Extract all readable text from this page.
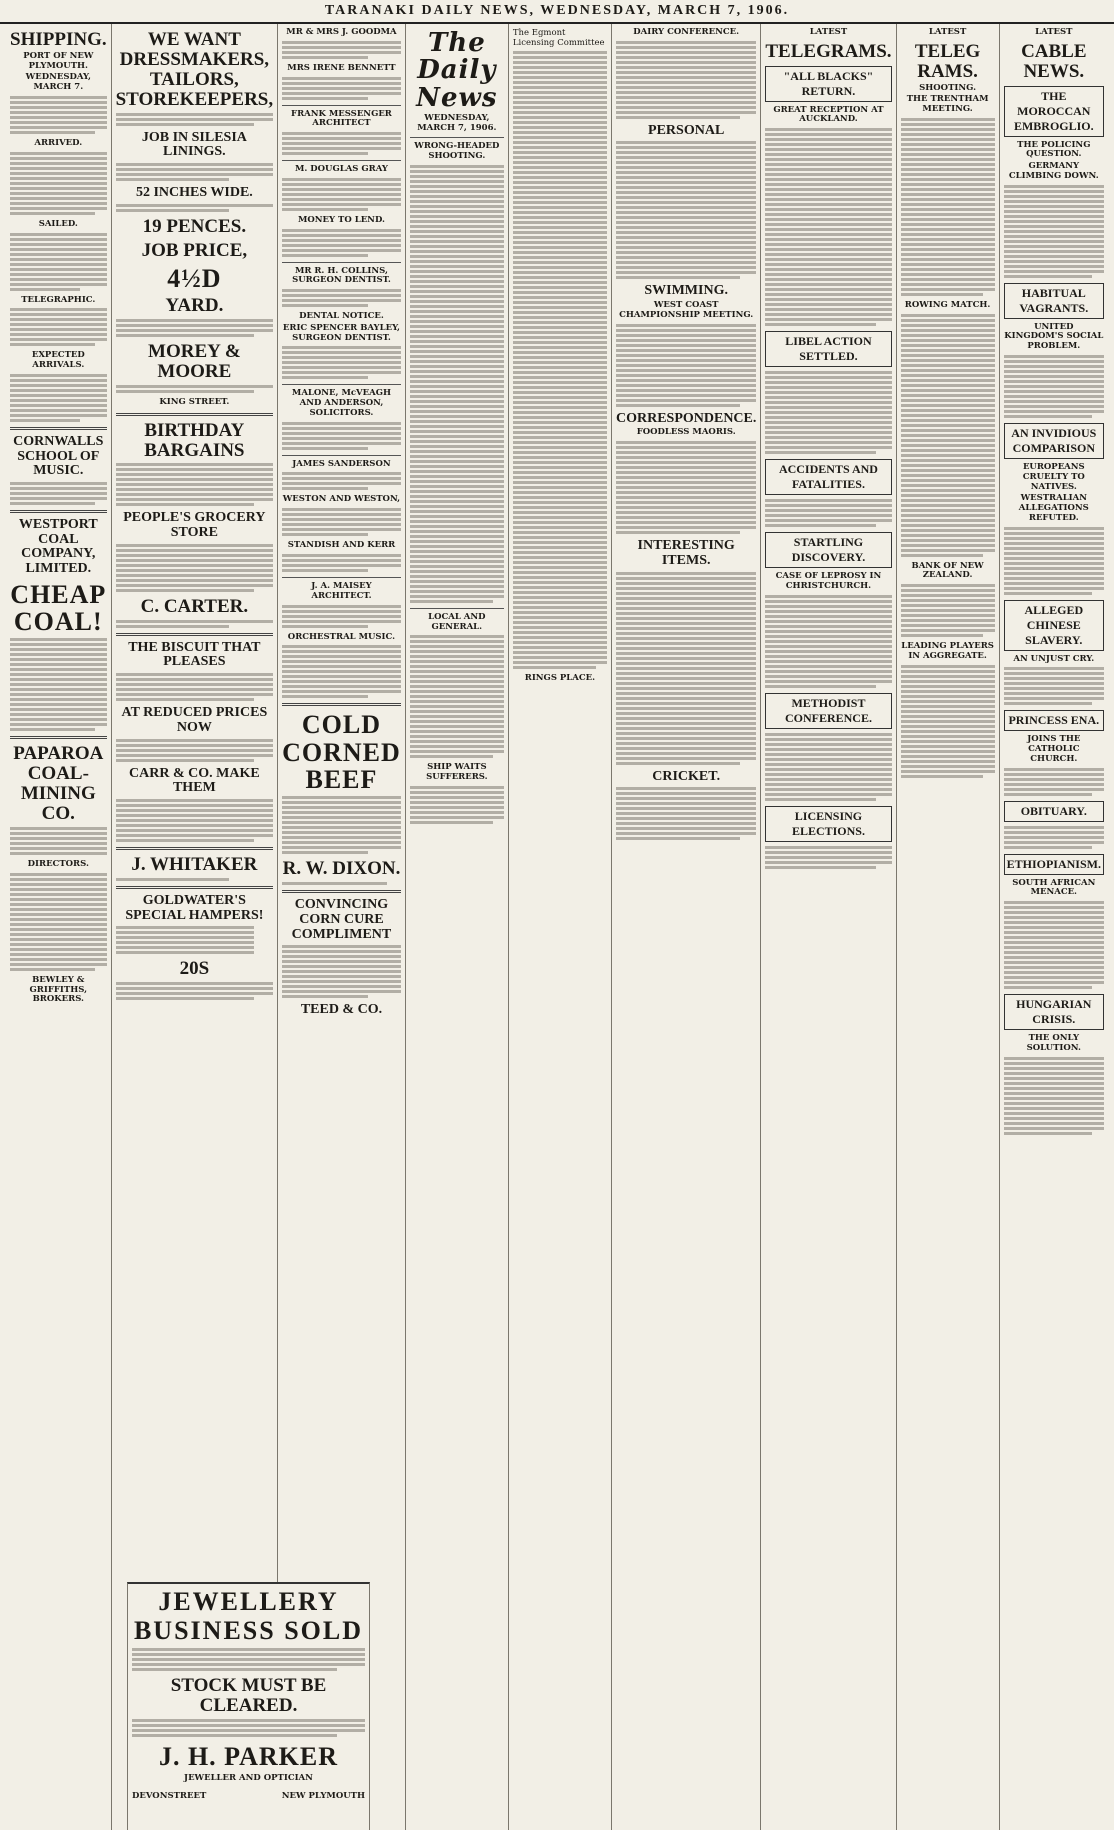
TARANAKI DAILY NEWS, WEDNESDAY, MARCH 7, 1906.
SHIPPING.
PORT OF NEW PLYMOUTH.
WEDNESDAY, MARCH 7.
ARRIVED.
SAILED.
TELEGRAPHIC.
EXPECTED ARRIVALS.
CORNWALLS SCHOOL OF MUSIC.
WESTPORT COAL COMPANY, LIMITED.
CHEAP COAL!
PAPAROA COAL-MINING CO.
DIRECTORS.
BEWLEY & GRIFFITHS, BROKERS.
WE WANT DRESSMAKERS, TAILORS, STOREKEEPERS,
JOB IN SILESIA LININGS.
52 INCHES WIDE.
19 PENCES.
JOB PRICE,
4½D
YARD.
MOREY & MOORE
KING STREET.
BIRTHDAY BARGAINS
PEOPLE'S GROCERY STORE
C. CARTER.
THE BISCUIT THAT PLEASES
AT REDUCED PRICES NOW
CARR & CO. MAKE THEM
J. WHITAKER
GOLDWATER'S SPECIAL HAMPERS!
20S
MR & MRS J. GOODMA
MRS IRENE BENNETT
FRANK MESSENGER ARCHITECT
M. DOUGLAS GRAY
MONEY TO LEND.
MR R. H. COLLINS, SURGEON DENTIST.
DENTAL NOTICE.
ERIC SPENCER BAYLEY, SURGEON DENTIST.
MALONE, McVEAGH AND ANDERSON, SOLICITORS.
JAMES SANDERSON
WESTON AND WESTON,
STANDISH AND KERR
J. A. MAISEY ARCHITECT.
ORCHESTRAL MUSIC.
COLD CORNED BEEF
R. W. DIXON.
CONVINCING CORN CURE COMPLIMENT
TEED & CO.
The Daily News
WEDNESDAY, MARCH 7, 1906.
WRONG-HEADED SHOOTING.
LOCAL AND GENERAL.
SHIP WAITS SUFFERERS.
The Egmont Licensing Committee
RINGS PLACE.
DAIRY CONFERENCE.
PERSONAL
SWIMMING.
WEST COAST CHAMPIONSHIP MEETING.
CORRESPONDENCE.
FOODLESS MAORIS.
INTERESTING ITEMS.
CRICKET.
LATEST
TELEGRAMS.
"ALL BLACKS" RETURN.
GREAT RECEPTION AT AUCKLAND.
LIBEL ACTION SETTLED.
ACCIDENTS AND FATALITIES.
STARTLING DISCOVERY.
CASE OF LEPROSY IN CHRISTCHURCH.
METHODIST CONFERENCE.
LICENSING ELECTIONS.
LATEST
TELEG RAMS.
SHOOTING.
THE TRENTHAM MEETING.
ROWING MATCH.
BANK OF NEW ZEALAND.
LEADING PLAYERS IN AGGREGATE.
LATEST
CABLE NEWS.
THE MOROCCAN EMBROGLIO.
THE POLICING QUESTION.
GERMANY CLIMBING DOWN.
HABITUAL VAGRANTS.
UNITED KINGDOM'S SOCIAL PROBLEM.
AN INVIDIOUS COMPARISON
EUROPEANS CRUELTY TO NATIVES.
WESTRALIAN ALLEGATIONS REFUTED.
ALLEGED CHINESE SLAVERY.
AN UNJUST CRY.
PRINCESS ENA.
JOINS THE CATHOLIC CHURCH.
OBITUARY.
ETHIOPIANISM.
SOUTH AFRICAN MENACE.
HUNGARIAN CRISIS.
THE ONLY SOLUTION.
JEWELLERY BUSINESS SOLD
STOCK MUST BE CLEARED.
J. H. PARKER
JEWELLER AND OPTICIAN
DEVONSTREET	NEW PLYMOUTH
